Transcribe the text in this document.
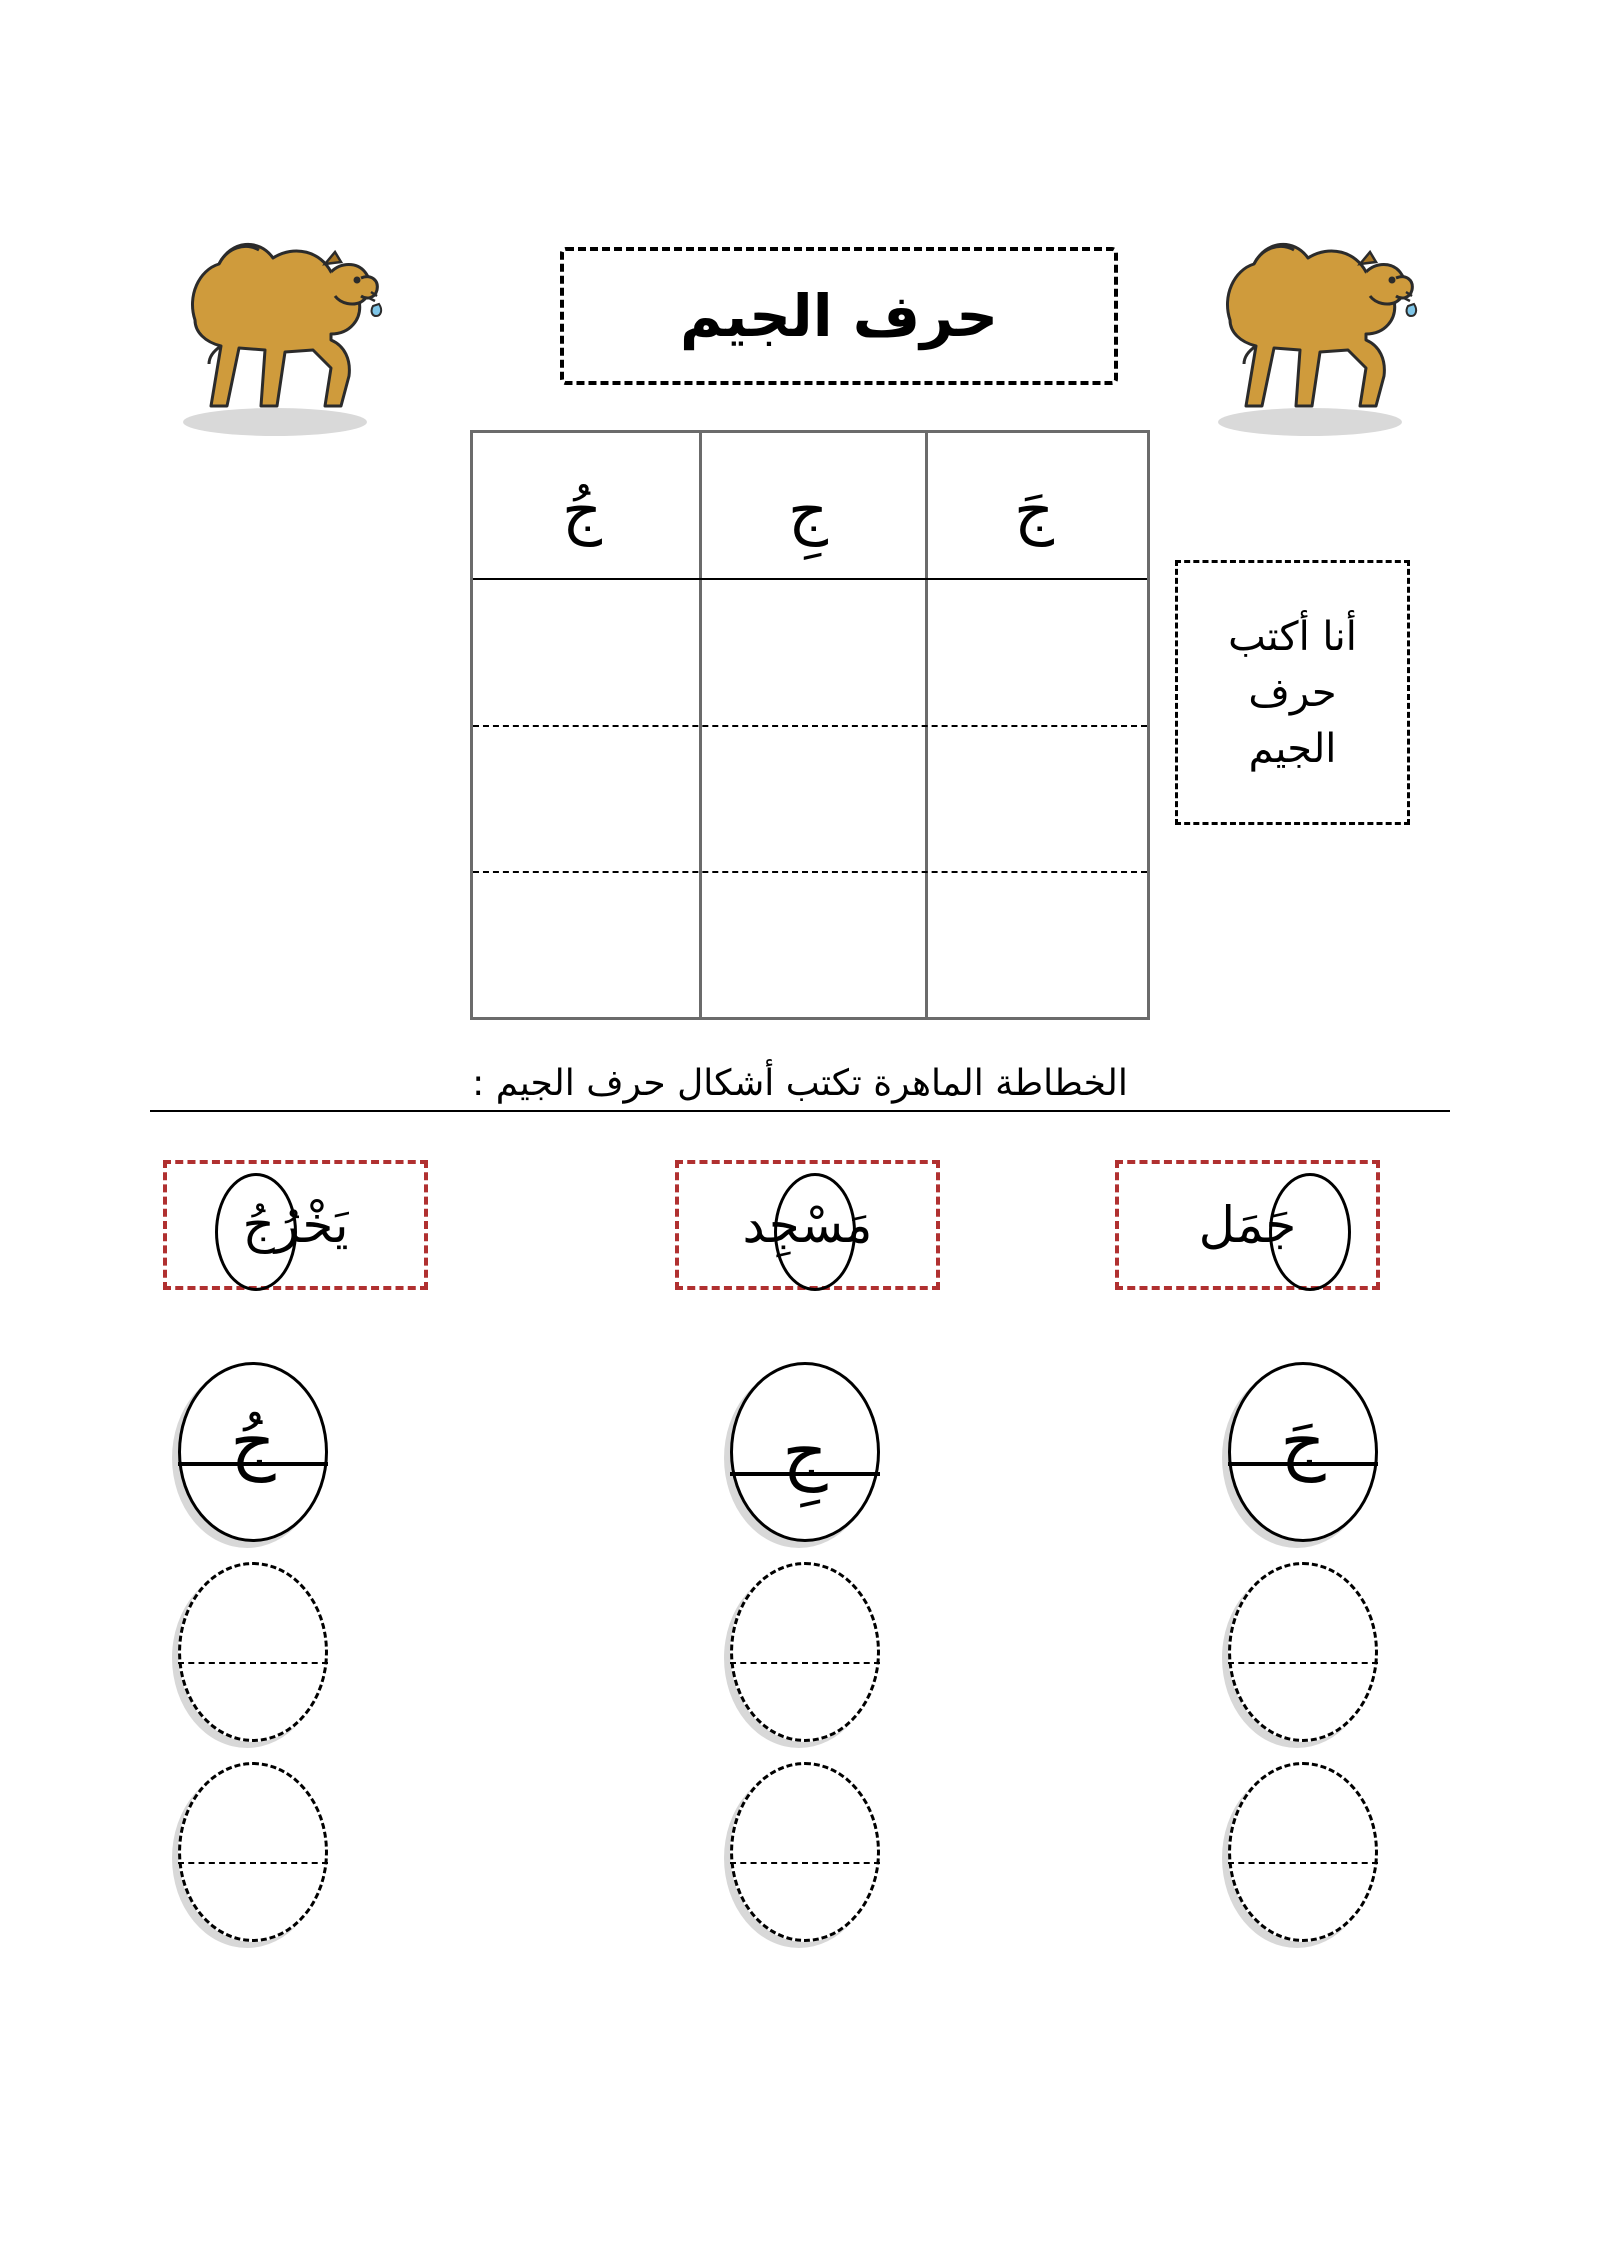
حرف الجيم
جَ
جِ
جُ
أنا أكتب
حرف
الجيم
الخطاطة الماهرة تكتب أشكال حرف الجيم :
جَمَل
مَسْجِد
يَخْرُجُ
جَ
جِ
جُ
